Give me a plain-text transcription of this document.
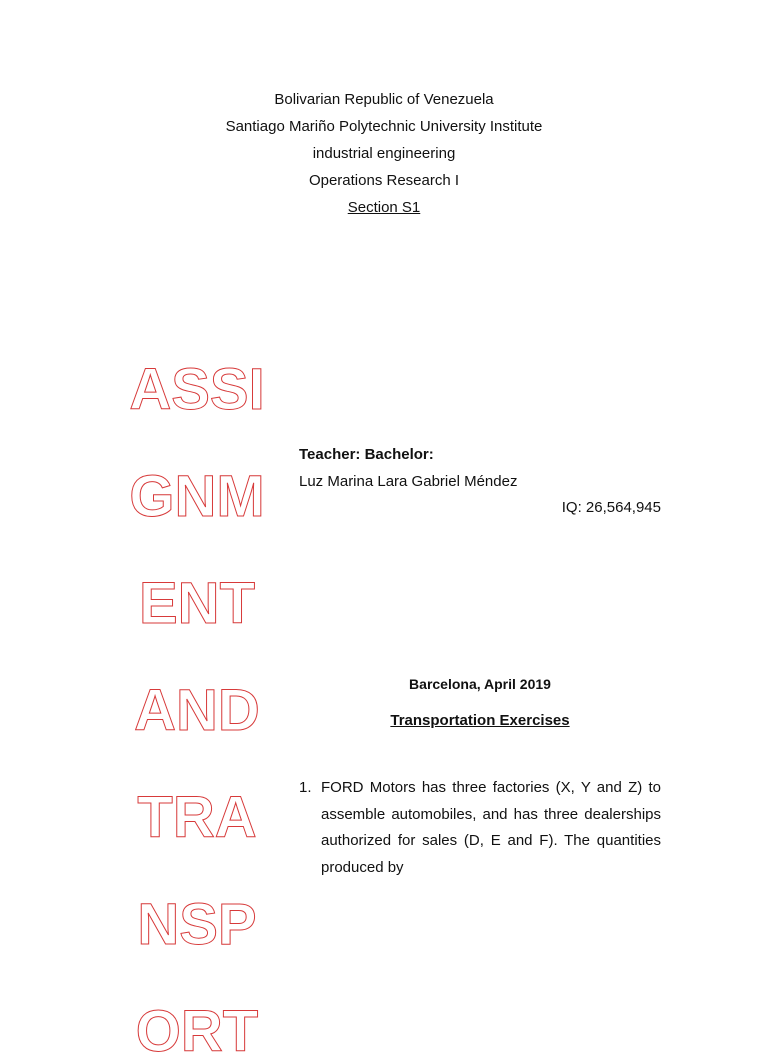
Bolivarian Republic of Venezuela
Santiago Mariño Polytechnic University Institute
industrial engineering
Operations Research I
Section S1
ASSI
GNM
ENT
AND
TRA
NSP
ORT
Teacher: Bachelor:
Luz Marina Lara Gabriel Méndez
IQ: 26,564,945
Barcelona, April 2019
Transportation Exercises
1. FORD Motors has three factories (X, Y and Z) to assemble automobiles, and has three dealerships authorized for sales (D, E and F). The quantities produced by
